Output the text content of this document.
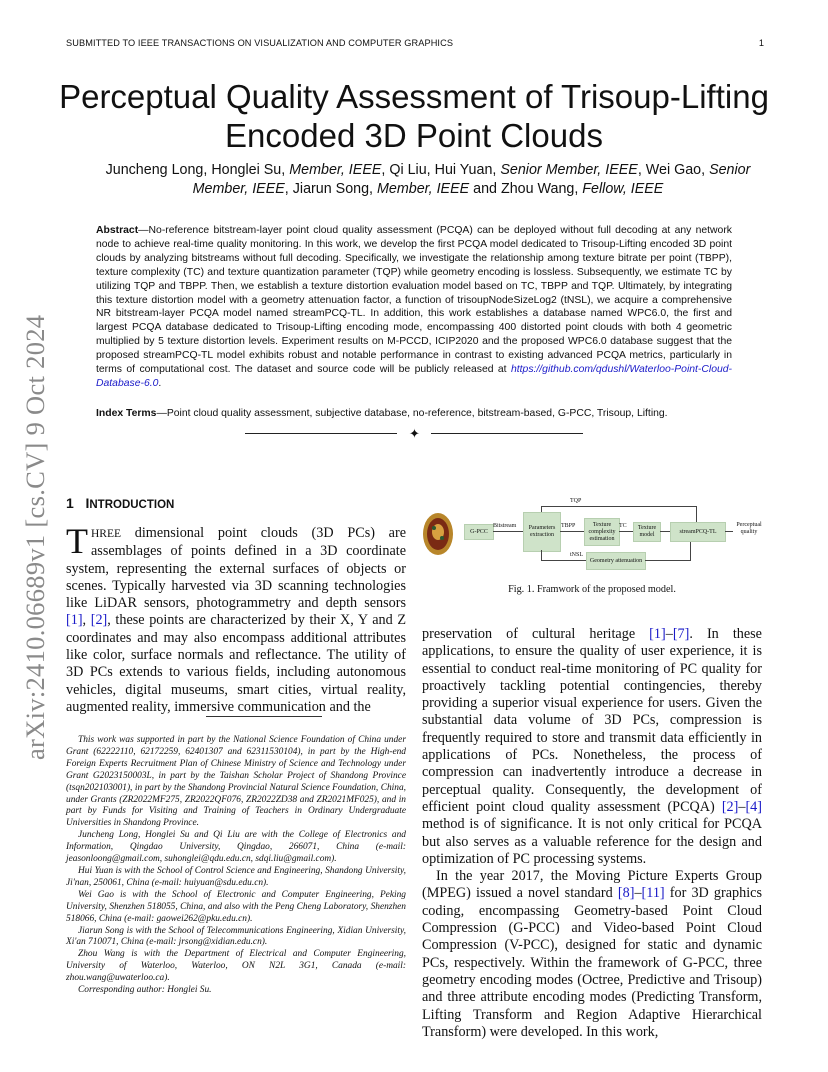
SUBMITTED TO IEEE TRANSACTIONS ON VISUALIZATION AND COMPUTER GRAPHICS	1
Perceptual Quality Assessment of Trisoup-Lifting
Encoded 3D Point Clouds
Juncheng Long, Honglei Su, Member, IEEE, Qi Liu, Hui Yuan, Senior Member, IEEE, Wei Gao, Senior Member, IEEE, Jiarun Song, Member, IEEE and Zhou Wang, Fellow, IEEE
Abstract—No-reference bitstream-layer point cloud quality assessment (PCQA) can be deployed without full decoding at any network node to achieve real-time quality monitoring. In this work, we develop the first PCQA model dedicated to Trisoup-Lifting encoded 3D point clouds by analyzing bitstreams without full decoding. Specifically, we investigate the relationship among texture bitrate per point (TBPP), texture complexity (TC) and texture quantization parameter (TQP) while geometry encoding is lossless. Subsequently, we estimate TC by utilizing TQP and TBPP. Then, we establish a texture distortion evaluation model based on TC, TBPP and TQP. Ultimately, by integrating this texture distortion model with a geometry attenuation factor, a function of trisoupNodeSizeLog2 (tNSL), we acquire a comprehensive NR bitstream-layer PCQA model named streamPCQ-TL. In addition, this work establishes a database named WPC6.0, the first and largest PCQA database dedicated to Trisoup-Lifting encoding mode, encompassing 400 distorted point clouds with both 4 geometric multiplied by 5 texture distortion levels. Experiment results on M-PCCD, ICIP2020 and the proposed WPC6.0 database suggest that the proposed streamPCQ-TL model exhibits robust and notable performance in contrast to existing advanced PCQA metrics, particularly in terms of computational cost. The dataset and source code will be publicly released at https://github.com/qdushl/Waterloo-Point-Cloud-Database-6.0.
Index Terms—Point cloud quality assessment, subjective database, no-reference, bitstream-based, G-PCC, Trisoup, Lifting.
✦
arXiv:2410.06689v1 [cs.CV] 9 Oct 2024 1 INTRODUCTION

THREE dimensional point clouds (3D PCs) are assemblages of points defined in a 3D coordinate system, representing the external surfaces of objects or scenes. Typically harvested via 3D scanning technologies like LiDAR sensors, photogrammetry and depth sensors [1], [2], these points are characterized by their X, Y and Z coordinates and may also encompass additional attributes like color, surface normals and reflectance. The utility of 3D PCs extends to various fields, including autonomous vehicles, digital museums, smart cities, virtual reality, augmented reality, immersive communication and the

This work was supported in part by the National Science Foundation of China under Grant (62222110, 62172259, 62401307 and 62311530104), in part by the High-end Foreign Experts Recruitment Plan of Chinese Ministry of Science and Technology under Grant G2023150003L, in part by the Taishan Scholar Project of Shandong Province (tsqn202103001), in part by the Shandong Provincial Natural Science Foundation, China, under Grants (ZR2022MF275, ZR2022QF076, ZR2022ZD38 and ZR2021MF025), and in part by Funds for Visiting and Training of Teachers in Ordinary Undergraduate Universities in Shandong Province.

Juncheng Long, Honglei Su and Qi Liu are with the College of Electronics and Information, Qingdao University, Qingdao, 266071, China (e-mail: jeasonloong@gmail.com, suhonglei@qdu.edu.cn, sdqi.liu@gmail.com).

Hui Yuan is with the School of Control Science and Engineering, Shandong University, Ji'nan, 250061, China (e-mail: huiyuan@sdu.edu.cn).

Wei Gao is with the School of Electronic and Computer Engineering, Peking University, Shenzhen 518055, China, and also with the Peng Cheng Laboratory, Shenzhen 518066, China (e-mail: gaowei262@pku.edu.cn).

Jiarun Song is with the School of Telecommunications Engineering, Xidian University, Xi'an 710071, China (e-mail: jrsong@xidian.edu.cn).

Zhou Wang is with the Department of Electrical and Computer Engineering, University of Waterloo, Waterloo, ON N2L 3G1, Canada (e-mail: zhou.wang@uwaterloo.ca).

Corresponding author: Honglei Su.

G-PCC
Bitstream	Parameters extraction
TQP
TBPP	Texture complexity estimation
TC	Texture model
tNSL
Geometry attenuation
streamPCQ-TL
Perceptual quality
Fig. 1. Framwork of the proposed model.

preservation of cultural heritage [1]–[7]. In these applications, to ensure the quality of user experience, it is essential to conduct real-time monitoring of PC quality for proactively tackling potential contingencies, thereby providing a superior visual experience for users. Given the substantial data volume of 3D PCs, compression is frequently required to store and transmit data efficiently in applications of PCs. Nonetheless, the process of compression can inadvertently introduce a decrease in perceptual quality. Consequently, the development of efficient point cloud quality assessment (PCQA) [2]–[4] method is of significance. It is not only critical for PCQA but also serves as a valuable reference for the design and optimization of PC processing systems.

In the year 2017, the Moving Picture Experts Group (MPEG) issued a novel standard [8]–[11] for 3D graphics coding, encompassing Geometry-based Point Cloud Compression (G-PCC) and Video-based Point Cloud Compression (V-PCC), designed for static and dynamic PCs, respectively. Within the framework of G-PCC, three geometry encoding modes (Octree, Predictive and Trisoup) and three attribute encoding modes (Predicting Transform, Lifting Transform and Region Adaptive Hierarchical Transform) were developed. In this work,
